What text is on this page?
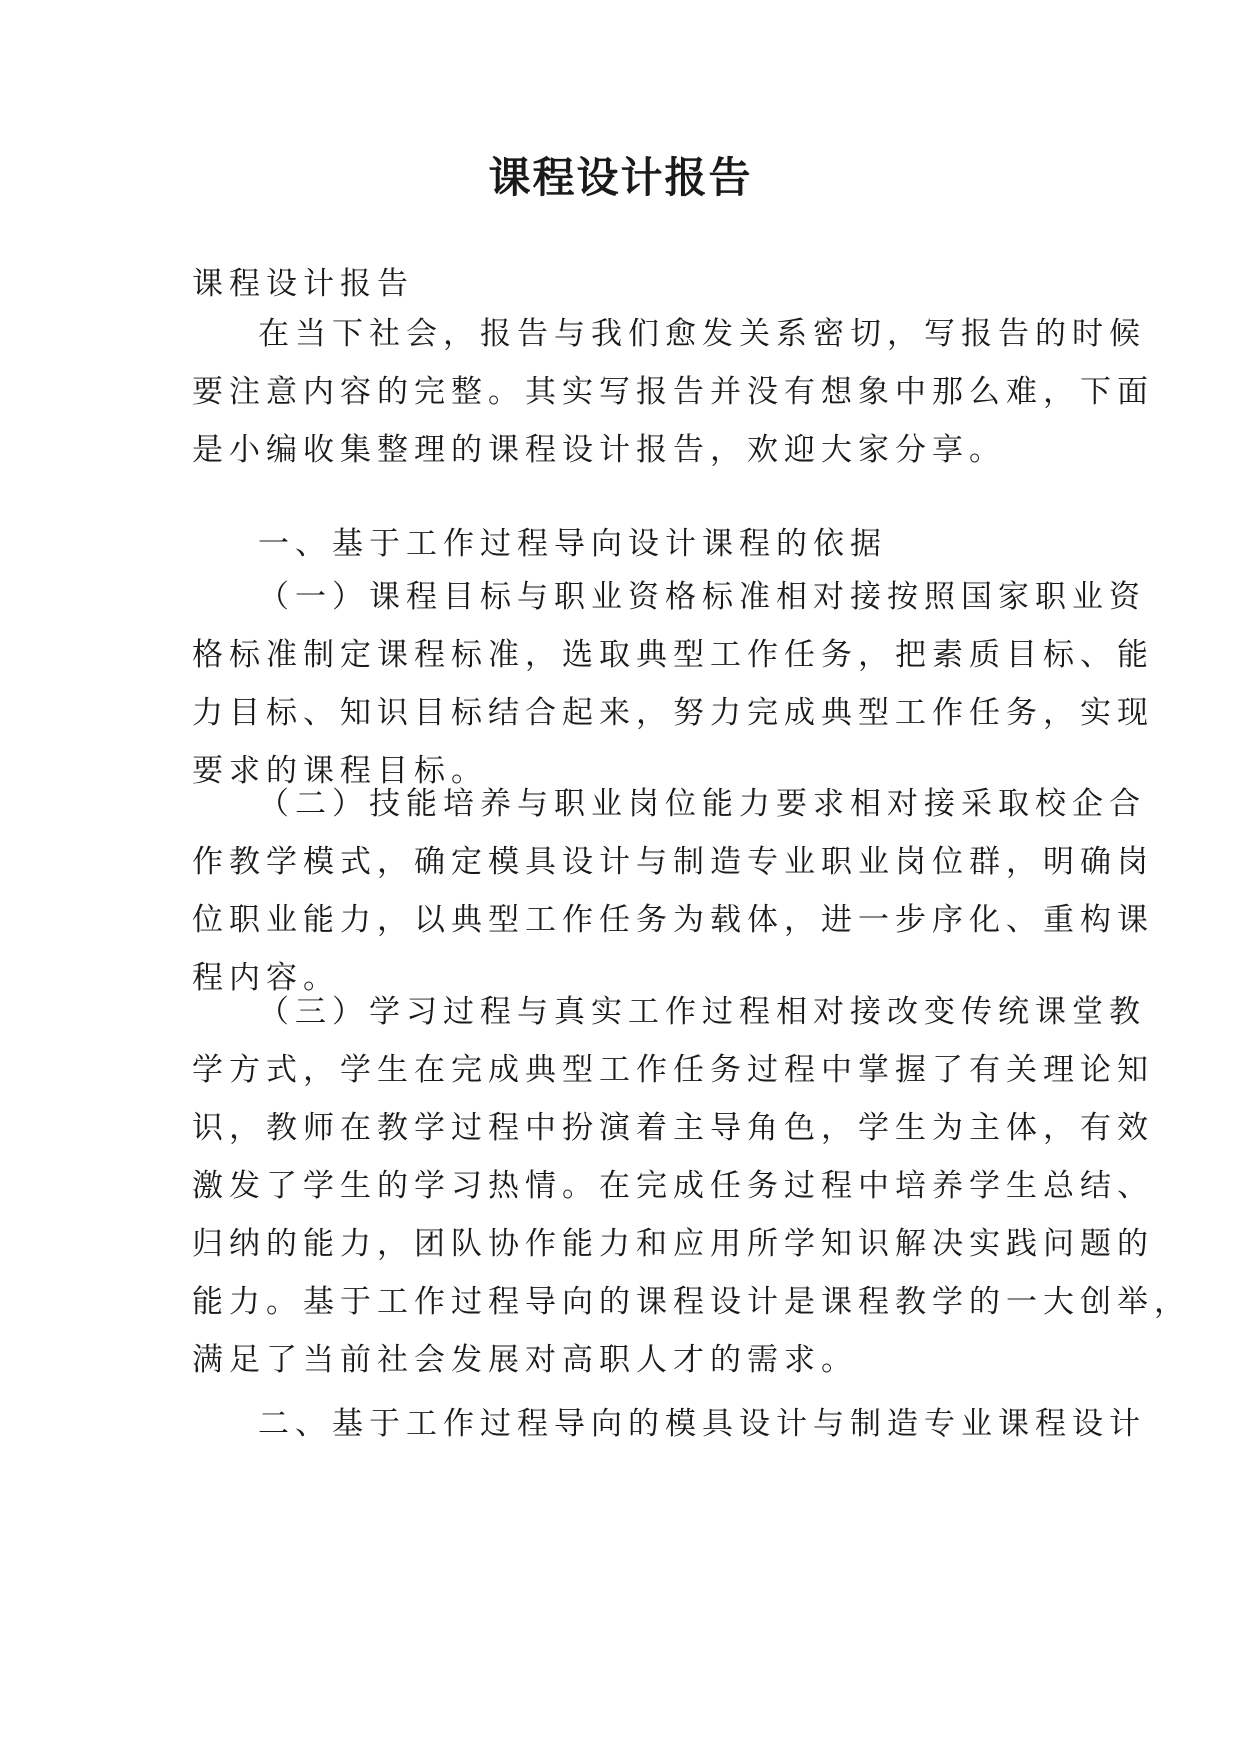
课程设计报告
课程设计报告
在当下社会，报告与我们愈发关系密切，写报告的时候
要注意内容的完整。其实写报告并没有想象中那么难，下面
是小编收集整理的课程设计报告，欢迎大家分享。
一、基于工作过程导向设计课程的依据
（一）课程目标与职业资格标准相对接按照国家职业资
格标准制定课程标准，选取典型工作任务，把素质目标、能
力目标、知识目标结合起来，努力完成典型工作任务，实现
要求的课程目标。
（二）技能培养与职业岗位能力要求相对接采取校企合
作教学模式，确定模具设计与制造专业职业岗位群，明确岗
位职业能力，以典型工作任务为载体，进一步序化、重构课
程内容。
（三）学习过程与真实工作过程相对接改变传统课堂教
学方式，学生在完成典型工作任务过程中掌握了有关理论知
识，教师在教学过程中扮演着主导角色，学生为主体，有效
激发了学生的学习热情。在完成任务过程中培养学生总结、
归纳的能力，团队协作能力和应用所学知识解决实践问题的
能力。基于工作过程导向的课程设计是课程教学的一大创举，
满足了当前社会发展对高职人才的需求。
二、基于工作过程导向的模具设计与制造专业课程设计
